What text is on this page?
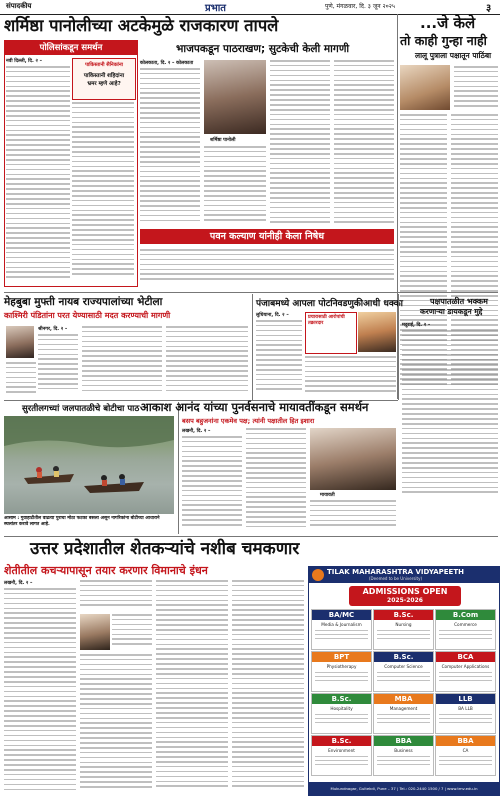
संपादकीय	प्रभात	पुणे, मंगळवार, दि. ३ जून २०२५	३
शर्मिष्ठा पानोलीच्या अटकेमुळे राजकारण तापले	...जे केले
तो काही गुन्हा नाही
लालू पुत्राला पक्षातून पाठिंबा
पोलिसांकडून समर्थन
नवी दिल्ली, दि. २ –
पाकिस्तानी सैनिकांना
पाकिस्तानी शहिदांना
भ्रमर म्हणे आहे?
भाजपकडून पाठराखण; सुटकेची केली मागणी
कोलकाता, दि. २ – कोलकाता
शर्मिष्ठा पानोली
पवन कल्याण यांनीही केला निषेध
मेहबुबा मुफ्ती नायब राज्यपालांच्या भेटीला
काश्मिरी पंडितांना परत येण्यासाठी मदत करण्याची मागणी
श्रीनगर, दि. २ –
पंजाबमध्ये आपला पोटनिवडणुकीआधी धक्का
लुधियाना, दि. २ –	प्रचारासाठी आरोपांची तक्रारदार
पक्षपातळीत भक्कम
करणाऱ्या डायकडून मुद्दे
मदुराई, दि. २ –
सुरतीलगच्यां जलपातळीचे बोटीचा पाठ
आसाम : गुवाहाटीतील वाढत्या पुराचा मोठा फटका बसला असून नागरिकांना बोटीच्या आधाराने स्थलांतर करावे लागत आहे.
आकाश आनंद यांच्या पुनर्वसनाचे मायावतींकडून समर्थन
बसप बहुजनांना एकमेव पक्ष; त्यांनी पक्षातील हित इशारा
लखनौ, दि. २ –
मायावती
उत्तर प्रदेशातील शेतकऱ्यांचे नशीब चमकणार
शेतीतील कचऱ्यापासून तयार करणार विमानाचे इंधन
लखनौ, दि. २ –
TILAK MAHARASHTRA VIDYAPEETH
(Deemed to be University)
ADMISSIONS OPEN
2025-2026
BA/MC
Media & Journalism
B.Sc.
Nursing
B.Com
Commerce
BPT
Physiotherapy
B.Sc.
Computer Science
BCA
Computer Applications
B.Sc.
Hospitality
MBA
Management
LLB
BA LLB
B.Sc.
Environment
BBA
Business
BBA
CA
Mukundnagar, Gultekdi, Pune – 37 | Tel.: 020-2440 1500 / 7 | www.tmv.edu.in
